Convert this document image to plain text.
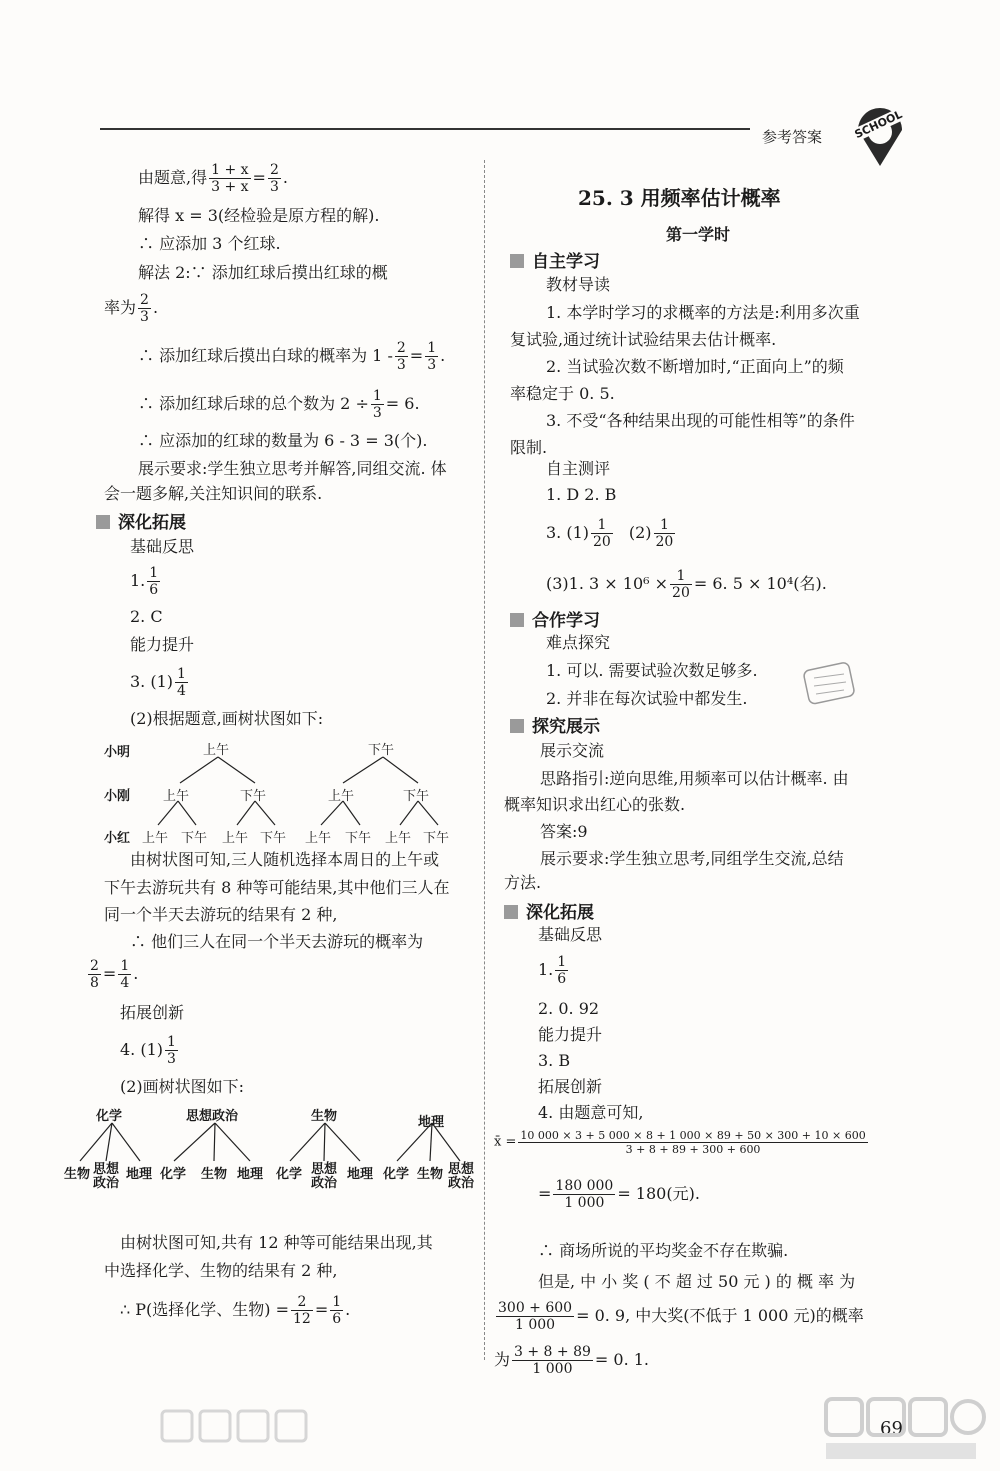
参考答案	SCHOOL
由题意,得 $\frac{1 + x}{3 + x} = \frac{2}{3}$ .
解得 x = 3(经检验是原方程的解).
∴ 应添加 3 个红球.
解法 2:∵ 添加红球后摸出红球的概
率为 $\frac{2}{3}$ .
∴ 添加红球后摸出白球的概率为 $1 - \frac{2}{3} = \frac{1}{3}$ .
∴ 添加红球后球的总个数为 $2 \div \frac{1}{3} = 6$.
∴ 应添加的红球的数量为 6 - 3 = 3(个).
展示要求:学生独立思考并解答,同组交流. 体
会一题多解,关注知识间的联系.
深化拓展
基础反思
1. $\frac{1}{6}$
2. C
能力提升
3. $(1) \frac{1}{4}$
(2)根据题意,画树状图如下:
小明
小刚
小红
上午	下午
上午	下午	上午	下午
上午 下午 上午 下午 上午 下午 上午 下午
由树状图可知,三人随机选择本周日的上午或
下午去游玩共有 8 种等可能结果,其中他们三人在
同一个半天去游玩的结果有 2 种,
∴ 他们三人在同一个半天去游玩的概率为
$\frac{2}{8} = \frac{1}{4}$ .
拓展创新
4. $(1) \frac{1}{3}$
(2)画树状图如下:
化学	思想政治	生物	地理
生物 思想
政治
地理 化学 生物 地理 化学 思想
政治
地理 化学 生物 思想
政治
由树状图可知,共有 12 种等可能结果出现,其
中选择化学、生物的结果有 2 种,
∴ P(选择化学、生物) = $\frac{2}{12} = \frac{1}{6}$ .
25. 3 用频率估计概率
第一学时
自主学习
教材导读
1. 本学时学习的求概率的方法是:利用多次重
复试验,通过统计试验结果去估计概率.
2. 当试验次数不断增加时,“正面向上”的频
率稳定于 0. 5.
3. 不受“各种结果出现的可能性相等”的条件
限制.
自主测评
1. D 2. B
3. $(1) \frac{1}{20} (2) \frac{1}{20}$
(3)1. $3 \times 10^6 \times \frac{1}{20} = 6$. 5 × 10⁴(名).
合作学习
难点探究
1. 可以. 需要试验次数足够多.
2. 并非在每次试验中都发生.
探究展示
展示交流
思路指引:逆向思维,用频率可以估计概率. 由
概率知识求出红心的张数.
答案:9
展示要求:学生独立思考,同组学生交流,总结
方法.
深化拓展
基础反思
1. $\frac{1}{6}$
2. 0. 92
能力提升
3. B
拓展创新
4. 由题意可知,
x̄ = $\frac{10 000 \times 3 + 5 000 \times 8 + 1 000 \times 89 + 50 \times 300 + 10 \times 600}{3 + 8 + 89 + 300 + 600}$
= $\frac{180 000}{1 000} = 180$(元).
∴ 商场所说的平均奖金不存在欺骗.
但是, 中 小 奖 ( 不 超 过 50 元 ) 的 概 率 为
$\frac{300 + 600}{1 000} = 0$. 9, 中大奖(不低于 1 000 元)的概率
为 $\frac{3 + 8 + 89}{1 000} = 0$. 1.
69
